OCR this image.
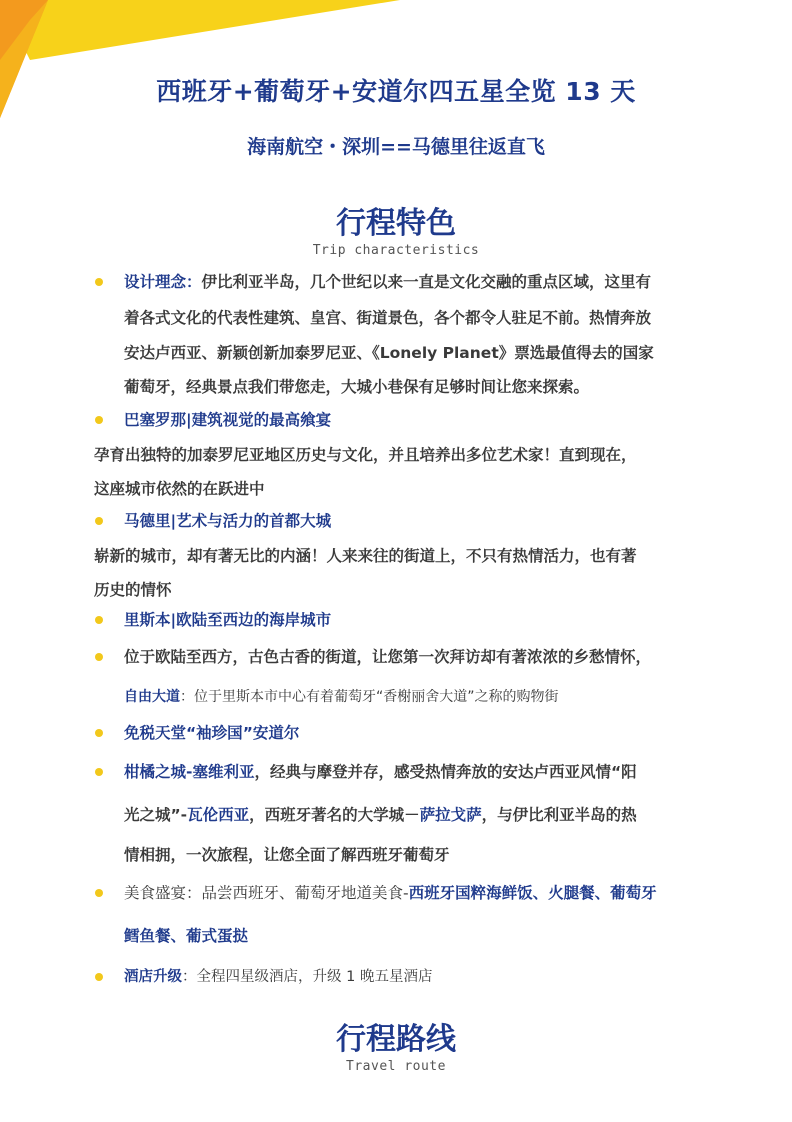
西班牙+葡萄牙+安道尔四五星全览 13 天
海南航空・深圳==马德里往返直飞
行程特色
Trip characteristics
设计理念：伊比利亚半岛，几个世纪以来一直是文化交融的重点区域，这里有
着各式文化的代表性建筑、皇宫、街道景色，各个都令人驻足不前。热情奔放
安达卢西亚、新颖创新加泰罗尼亚、《Lonely Planet》票选最值得去的国家
葡萄牙，经典景点我们带您走，大城小巷保有足够时间让您来探索。
巴塞罗那|建筑视觉的最高飨宴
孕育出独特的加泰罗尼亚地区历史与文化，并且培养出多位艺术家！直到现在，
这座城市依然的在跃进中
马德里|艺术与活力的首都大城
崭新的城市，却有著无比的内涵！人来来往的街道上，不只有热情活力，也有著
历史的情怀
里斯本|欧陆至西边的海岸城市
位于欧陆至西方，古色古香的街道，让您第一次拜访却有著浓浓的乡愁情怀，
自由大道：位于里斯本市中心有着葡萄牙“香榭丽舍大道”之称的购物街
免税天堂“袖珍国”安道尔
柑橘之城-塞维利亚，经典与摩登并存，感受热情奔放的安达卢西亚风情“阳
光之城”-瓦伦西亚，西班牙著名的大学城－萨拉戈萨，与伊比利亚半岛的热
情相拥，一次旅程，让您全面了解西班牙葡萄牙
美食盛宴：品尝西班牙、葡萄牙地道美食-西班牙国粹海鲜饭、火腿餐、葡萄牙
鳕鱼餐、葡式蛋挞
酒店升级：全程四星级酒店，升级 1 晚五星酒店
行程路线
Travel route
